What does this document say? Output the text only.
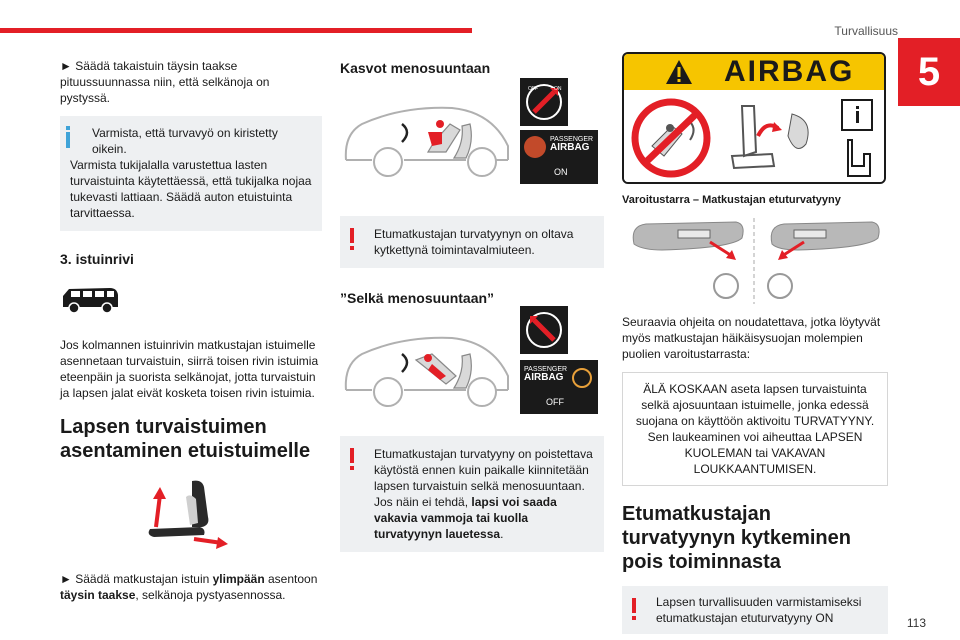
Turvallisuus
5

► Säädä takaistuin täysin taakse pituussuunnassa niin, että selkänoja on pystyssä.

Varmista, että turvavyö on kiristetty oikein.
Varmista tukijalalla varustettua lasten turvaistuinta käytettäessä, että tukijalka nojaa tukevasti lattiaan. Säädä auton etuistuinta tarvittaessa.
3. istuinrivi

Jos kolmannen istuinrivin matkustajan istuimelle asennetaan turvaistuin, siirrä toisen rivin istuimia eteenpäin ja suorista selkänojat, jotta turvaistuin ja lapsen jalat eivät kosketa toisen rivin istuimia.

Lapsen turvaistuimen asentaminen etuistuimelle

► Säädä matkustajan istuin ylimpään asentoon täysin taakse, selkänoja pystyasennossa.

Kasvot menosuuntaan
OFF	ON
PASSENGER
AIRBAG
ON
Etumatkustajan turvatyynyn on oltava kytkettynä toimintavalmiuteen.
”Selkä menosuuntaan”
PASSENGER
AIRBAG
OFF
Etumatkustajan turvatyyny on poistettava käytöstä ennen kuin paikalle kiinnitetään lapsen turvaistuin selkä menosuuntaan. Jos näin ei tehdä, lapsi voi saada vakavia vammoja tai kuolla turvatyynyn lauetessa.
AIRBAG
Varoitustarra – Matkustajan etuturvatyyny

Seuraavia ohjeita on noudatettava, jotka löytyvät myös matkustajan häikäisysuojan molempien puolien varoitustarrasta:

ÄLÄ KOSKAAN aseta lapsen turvaistuinta selkä ajosuuntaan istuimelle, jonka edessä suojana on käyttöön aktivoitu TURVATYYNY. Sen laukeaminen voi aiheuttaa LAPSEN KUOLEMAN tai VAKAVAN LOUKKAANTUMISEN.
Etumatkustajan turvatyynyn kytkeminen pois toiminnasta
Lapsen turvallisuuden varmistamiseksi etumatkustajan etuturvatyyny ON	113
